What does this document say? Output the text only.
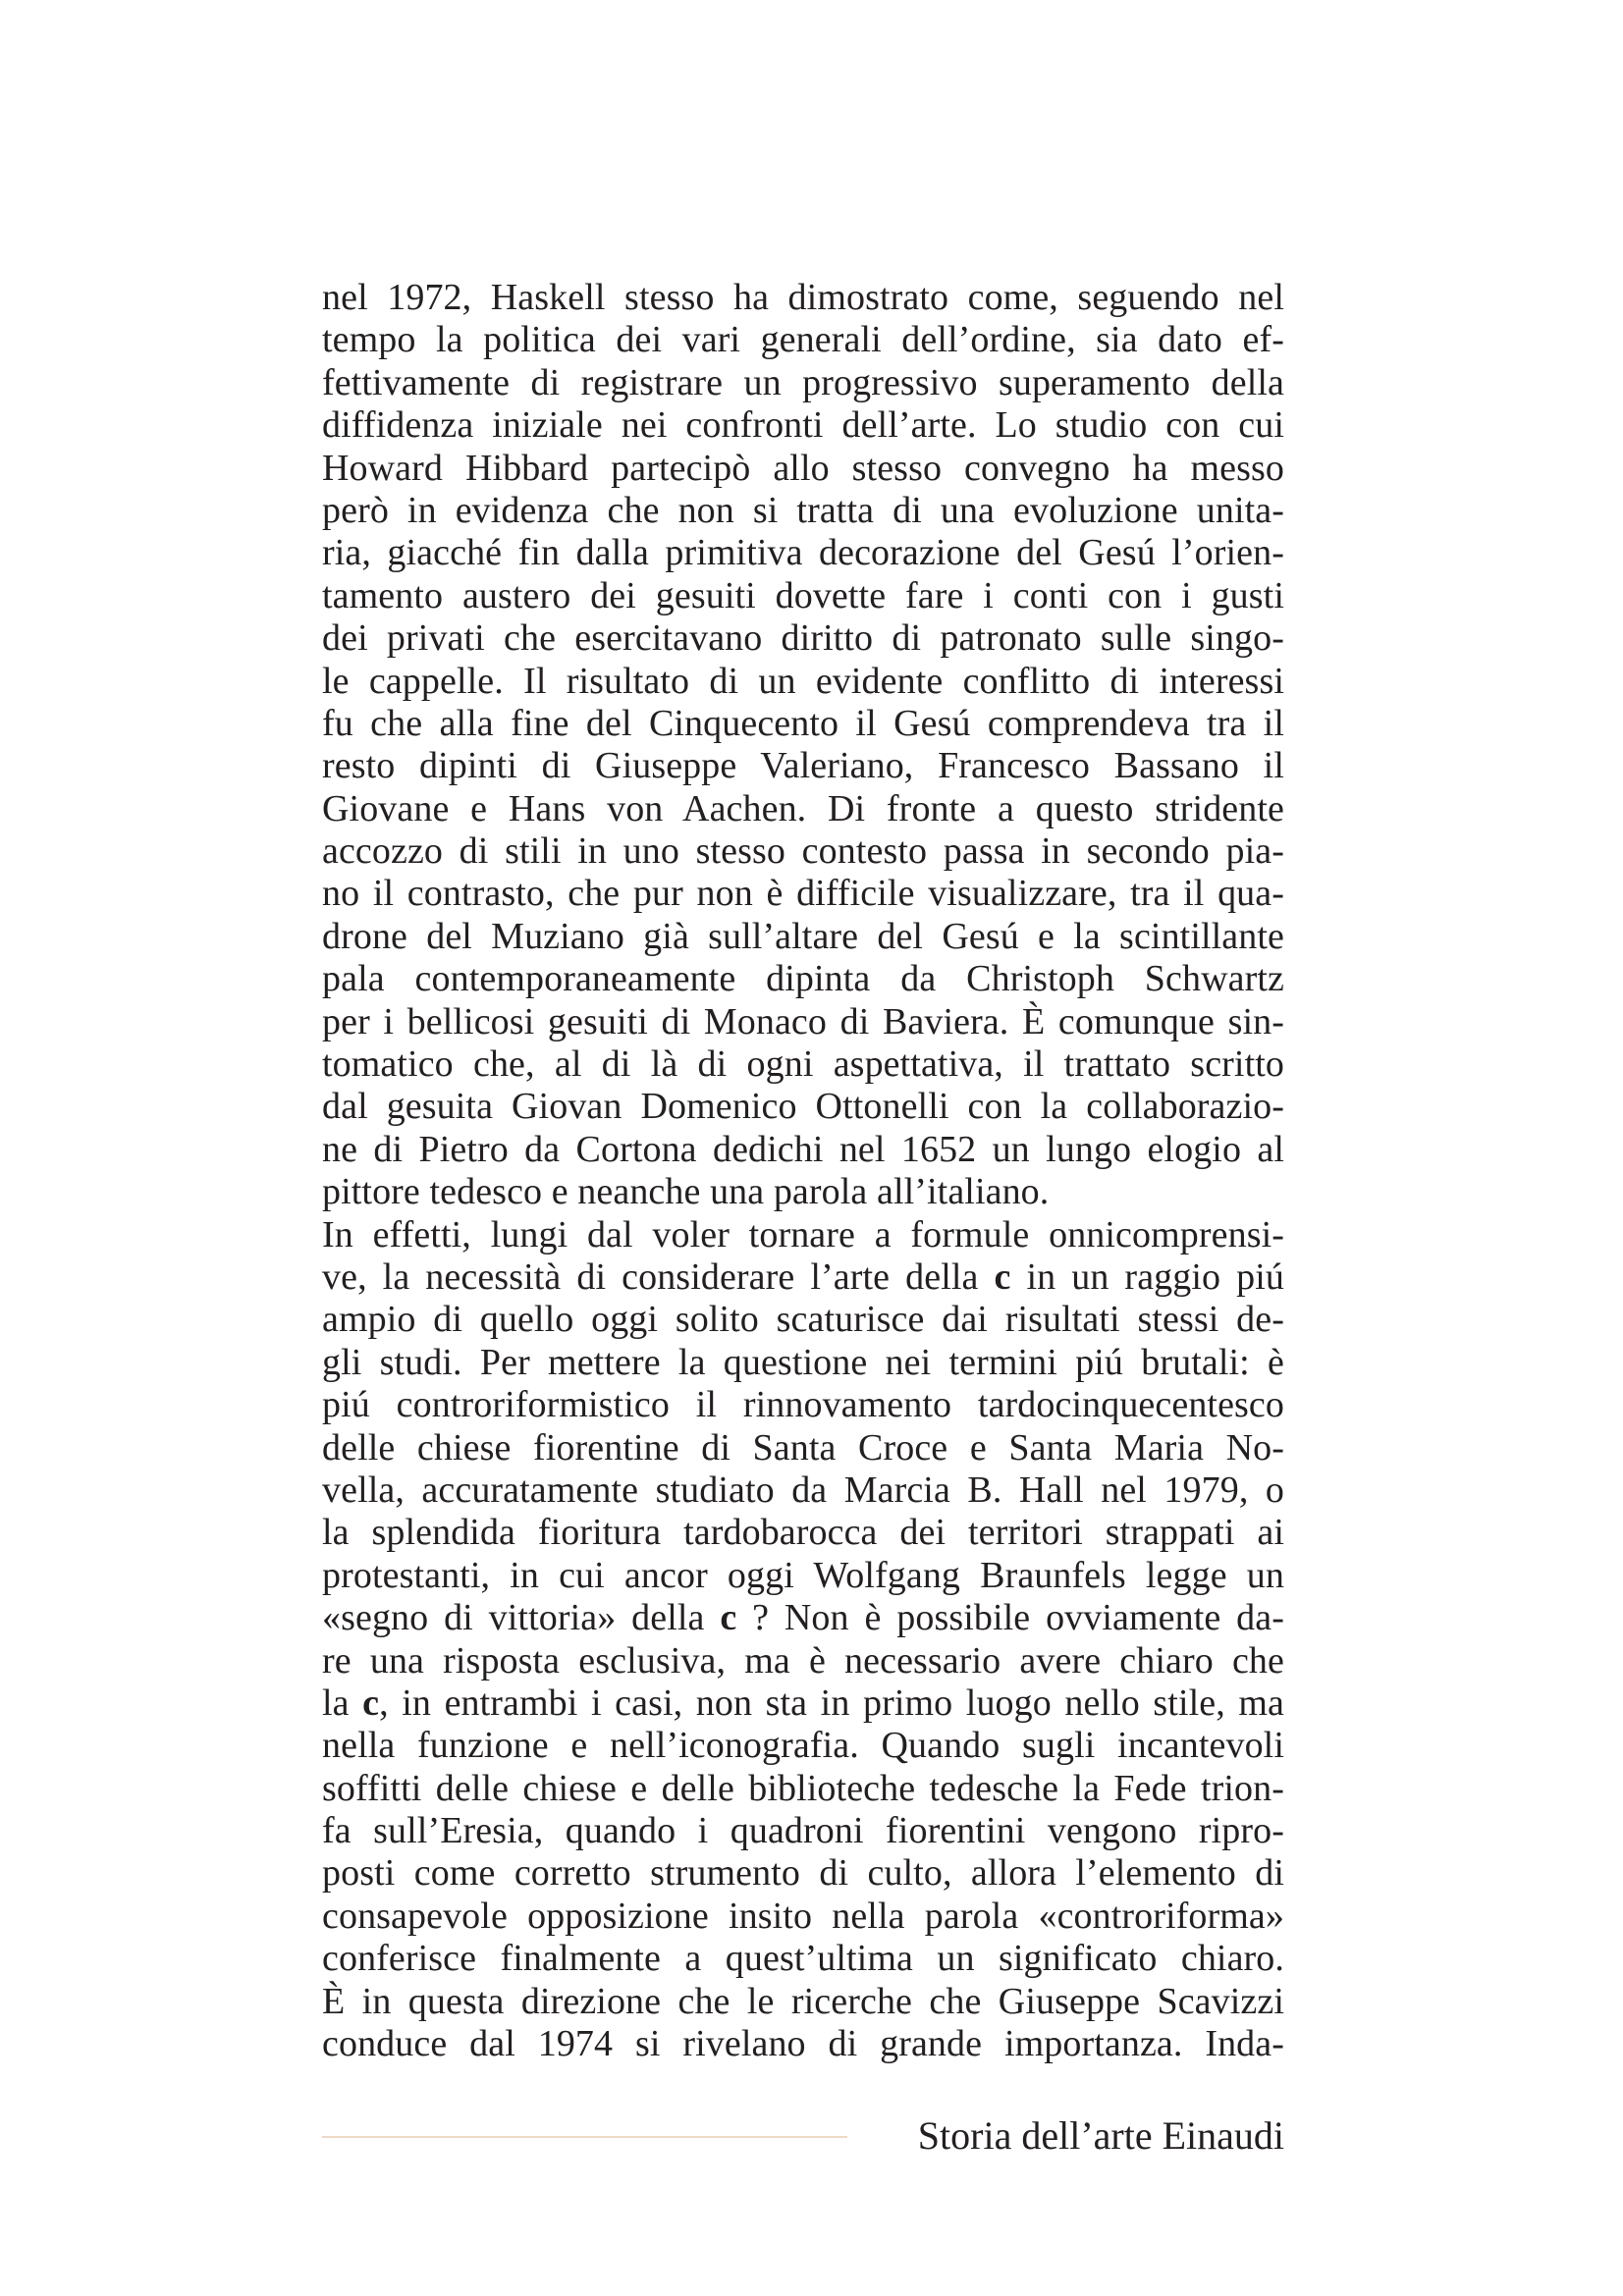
nel 1972, Haskell stesso ha dimostrato come, seguendo nel
tempo la politica dei vari generali dell’ordine, sia dato ef-
fettivamente di registrare un progressivo superamento della
diffidenza iniziale nei confronti dell’arte. Lo studio con cui
Howard Hibbard partecipò allo stesso convegno ha messo
però in evidenza che non si tratta di una evoluzione unita-
ria, giacché fin dalla primitiva decorazione del Gesú l’orien-
tamento austero dei gesuiti dovette fare i conti con i gusti
dei privati che esercitavano diritto di patronato sulle singo-
le cappelle. Il risultato di un evidente conflitto di interessi
fu che alla fine del Cinquecento il Gesú comprendeva tra il
resto dipinti di Giuseppe Valeriano, Francesco Bassano il
Giovane e Hans von Aachen. Di fronte a questo stridente
accozzo di stili in uno stesso contesto passa in secondo pia-
no il contrasto, che pur non è difficile visualizzare, tra il qua-
drone del Muziano già sull’altare del Gesú e la scintillante
pala contemporaneamente dipinta da Christoph Schwartz
per i bellicosi gesuiti di Monaco di Baviera. È comunque sin-
tomatico che, al di là di ogni aspettativa, il trattato scritto
dal gesuita Giovan Domenico Ottonelli con la collaborazio-
ne di Pietro da Cortona dedichi nel 1652 un lungo elogio al
pittore tedesco e neanche una parola all’italiano.
In effetti, lungi dal voler tornare a formule onnicomprensi-
ve, la necessità di considerare l’arte della c in un raggio piú
ampio di quello oggi solito scaturisce dai risultati stessi de-
gli studi. Per mettere la questione nei termini piú brutali: è
piú controriformistico il rinnovamento tardocinquecentesco
delle chiese fiorentine di Santa Croce e Santa Maria No-
vella, accuratamente studiato da Marcia B. Hall nel 1979, o
la splendida fioritura tardobarocca dei territori strappati ai
protestanti, in cui ancor oggi Wolfgang Braunfels legge un
«segno di vittoria» della c ? Non è possibile ovviamente da-
re una risposta esclusiva, ma è necessario avere chiaro che
la c, in entrambi i casi, non sta in primo luogo nello stile, ma
nella funzione e nell’iconografia. Quando sugli incantevoli
soffitti delle chiese e delle biblioteche tedesche la Fede trion-
fa sull’Eresia, quando i quadroni fiorentini vengono ripro-
posti come corretto strumento di culto, allora l’elemento di
consapevole opposizione insito nella parola «controriforma»
conferisce finalmente a quest’ultima un significato chiaro.
È in questa direzione che le ricerche che Giuseppe Scavizzi
conduce dal 1974 si rivelano di grande importanza. Inda-
Storia dell’arte Einaudi
